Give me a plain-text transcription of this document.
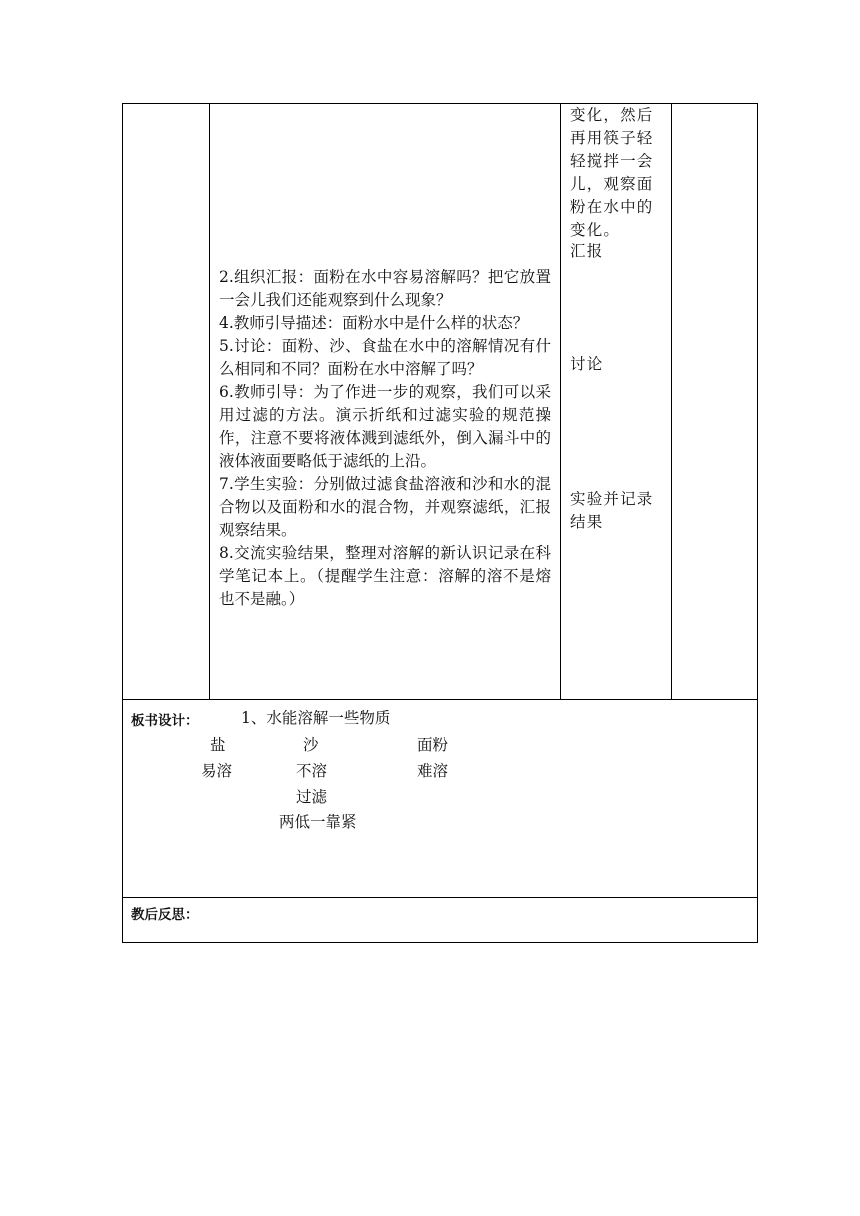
2.组织汇报：面粉在水中容易溶解吗？把它放置一会儿我们还能观察到什么现象？

4.教师引导描述：面粉水中是什么样的状态？

5.讨论：面粉、沙、食盐在水中的溶解情况有什么相同和不同？面粉在水中溶解了吗？

6.教师引导：为了作进一步的观察，我们可以采用过滤的方法。演示折纸和过滤实验的规范操作，注意不要将液体溅到滤纸外，倒入漏斗中的液体液面要略低于滤纸的上沿。

7.学生实验：分别做过滤食盐溶液和沙和水的混合物以及面粉和水的混合物，并观察滤纸，汇报观察结果。

8.交流实验结果，整理对溶解的新认识记录在科学笔记本上。（提醒学生注意：溶解的溶不是熔也不是融。）

变化，然后再用筷子轻轻搅拌一会儿，观察面粉在水中的变化。

汇报

讨论

实验并记录结果

板书设计：	1、水能溶解一些物质
盐	沙	面粉
易溶	不溶	难溶
过滤
两低一靠紧

教后反思：
